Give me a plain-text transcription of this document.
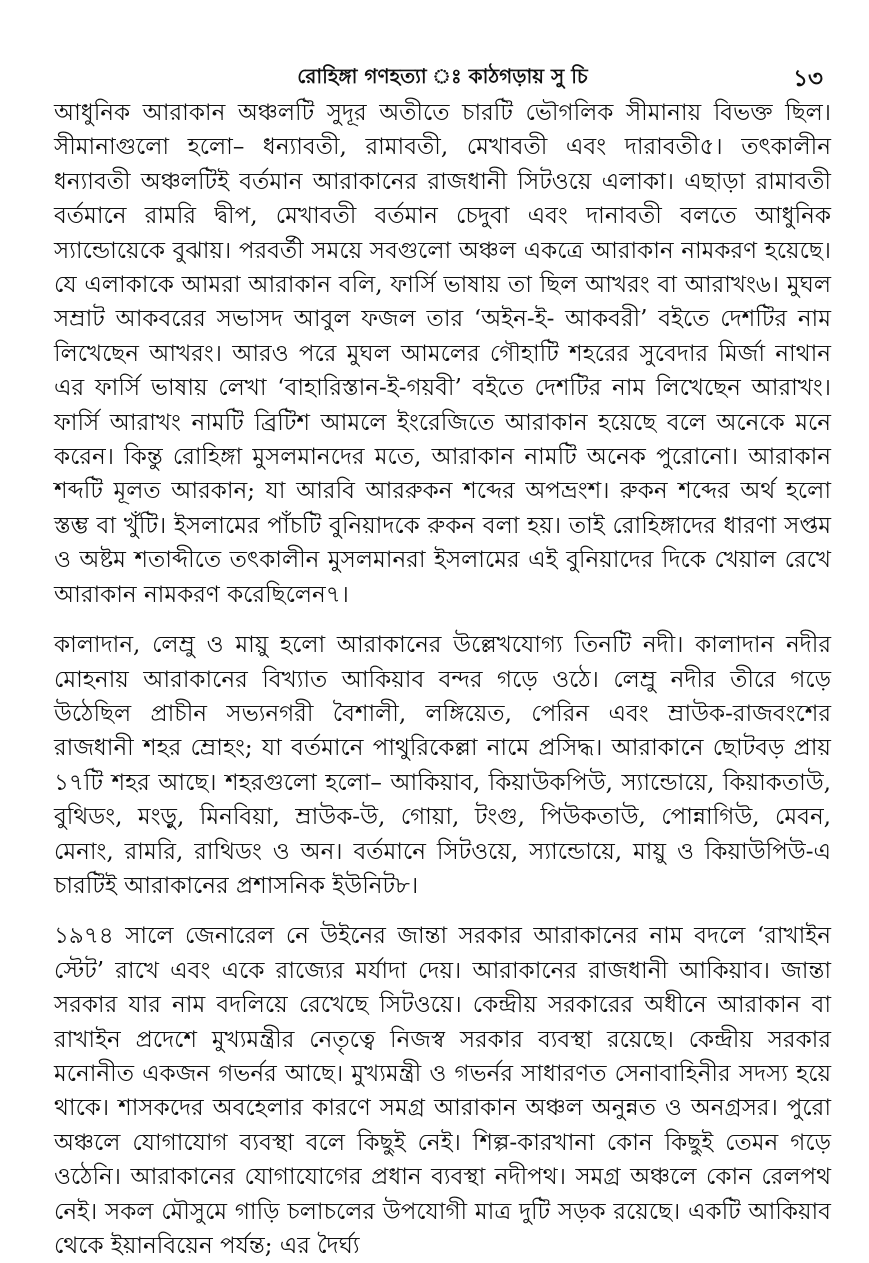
রোহিঙ্গা গণহত্যা ঃ কাঠগড়ায় সু চি	১৩

আধুনিক আরাকান অঞ্চলটি সুদূর অতীতে চারটি ভৌগলিক সীমানায় বিভক্ত ছিল। সীমানাগুলো হলো– ধন্যাবতী, রামাবতী, মেখাবতী এবং দারাবতী৫। তৎকালীন ধন্যাবতী অঞ্চলটিই বর্তমান আরাকানের রাজধানী সিটওয়ে এলাকা। এছাড়া রামাবতী বর্তমানে রামরি দ্বীপ, মেখাবতী বর্তমান চেদুবা এবং দানাবতী বলতে আধুনিক স্যান্ডোয়েকে বুঝায়। পরবর্তী সময়ে সবগুলো অঞ্চল একত্রে আরাকান নামকরণ হয়েছে। যে এলাকাকে আমরা আরাকান বলি, ফার্সি ভাষায় তা ছিল আখরং বা আরাখং৬। মুঘল সম্রাট আকবরের সভাসদ আবুল ফজল তার ‘অইন-ই- আকবরী’ বইতে দেশটির নাম লিখেছেন আখরং। আরও পরে মুঘল আমলের গৌহাটি শহরের সুবেদার মির্জা নাথান এর ফার্সি ভাষায় লেখা ‘বাহারিস্তান-ই-গয়বী’ বইতে দেশটির নাম লিখেছেন আরাখং। ফার্সি আরাখং নামটি ব্রিটিশ আমলে ইংরেজিতে আরাকান হয়েছে বলে অনেকে মনে করেন। কিন্তু রোহিঙ্গা মুসলমানদের মতে, আরাকান নামটি অনেক পুরোনো। আরাকান শব্দটি মূলত আরকান; যা আরবি আররুকন শব্দের অপভ্রংশ। রুকন শব্দের অর্থ হলো স্তম্ভ বা খুঁটি। ইসলামের পাঁচটি বুনিয়াদকে রুকন বলা হয়। তাই রোহিঙ্গাদের ধারণা সপ্তম ও অষ্টম শতাব্দীতে তৎকালীন মুসলমানরা ইসলামের এই বুনিয়াদের দিকে খেয়াল রেখে আরাকান নামকরণ করেছিলেন৭।

কালাদান, লেম্রু ও মায়ু হলো আরাকানের উল্লেখযোগ্য তিনটি নদী। কালাদান নদীর মোহনায় আরাকানের বিখ্যাত আকিয়াব বন্দর গড়ে ওঠে। লেম্রু নদীর তীরে গড়ে উঠেছিল প্রাচীন সভ্যনগরী বৈশালী, লঙ্গিয়েত, পেরিন এবং ম্রাউক-রাজবংশের রাজধানী শহর ম্রোহং; যা বর্তমানে পাথুরিকেল্লা নামে প্রসিদ্ধ। আরাকানে ছোটবড় প্রায় ১৭টি শহর আছে। শহরগুলো হলো– আকিয়াব, কিয়াউকপিউ, স্যান্ডোয়ে, কিয়াকতাউ, বুথিডং, মংড়ু, মিনবিয়া, ম্রাউক-উ, গোয়া, টংগু, পিউকতাউ, পোন্নাগিউ, মেবন, মেনাং, রামরি, রাথিডং ও অন। বর্তমানে সিটওয়ে, স্যান্ডোয়ে, মায়ু ও কিয়াউপিউ-এ চারটিই আরাকানের প্রশাসনিক ইউনিট৮।

১৯৭৪ সালে জেনারেল নে উইনের জান্তা সরকার আরাকানের নাম বদলে ‘রাখাইন স্টেট’ রাখে এবং একে রাজ্যের মর্যাদা দেয়। আরাকানের রাজধানী আকিয়াব। জান্তা সরকার যার নাম বদলিয়ে রেখেছে সিটওয়ে। কেন্দ্রীয় সরকারের অধীনে আরাকান বা রাখাইন প্রদেশে মুখ্যমন্ত্রীর নেতৃত্বে নিজস্ব সরকার ব্যবস্থা রয়েছে। কেন্দ্রীয় সরকার মনোনীত একজন গভর্নর আছে। মুখ্যমন্ত্রী ও গভর্নর সাধারণত সেনাবাহিনীর সদস্য হয়ে থাকে। শাসকদের অবহেলার কারণে সমগ্র আরাকান অঞ্চল অনুন্নত ও অনগ্রসর। পুরো অঞ্চলে যোগাযোগ ব্যবস্থা বলে কিছুই নেই। শিল্প-কারখানা কোন কিছুই তেমন গড়ে ওঠেনি। আরাকানের যোগাযোগের প্রধান ব্যবস্থা নদীপথ। সমগ্র অঞ্চলে কোন রেলপথ নেই। সকল মৌসুমে গাড়ি চলাচলের উপযোগী মাত্র দুটি সড়ক রয়েছে। একটি আকিয়াব থেকে ইয়ানবিয়েন পর্যন্ত; এর দৈর্ঘ্য
